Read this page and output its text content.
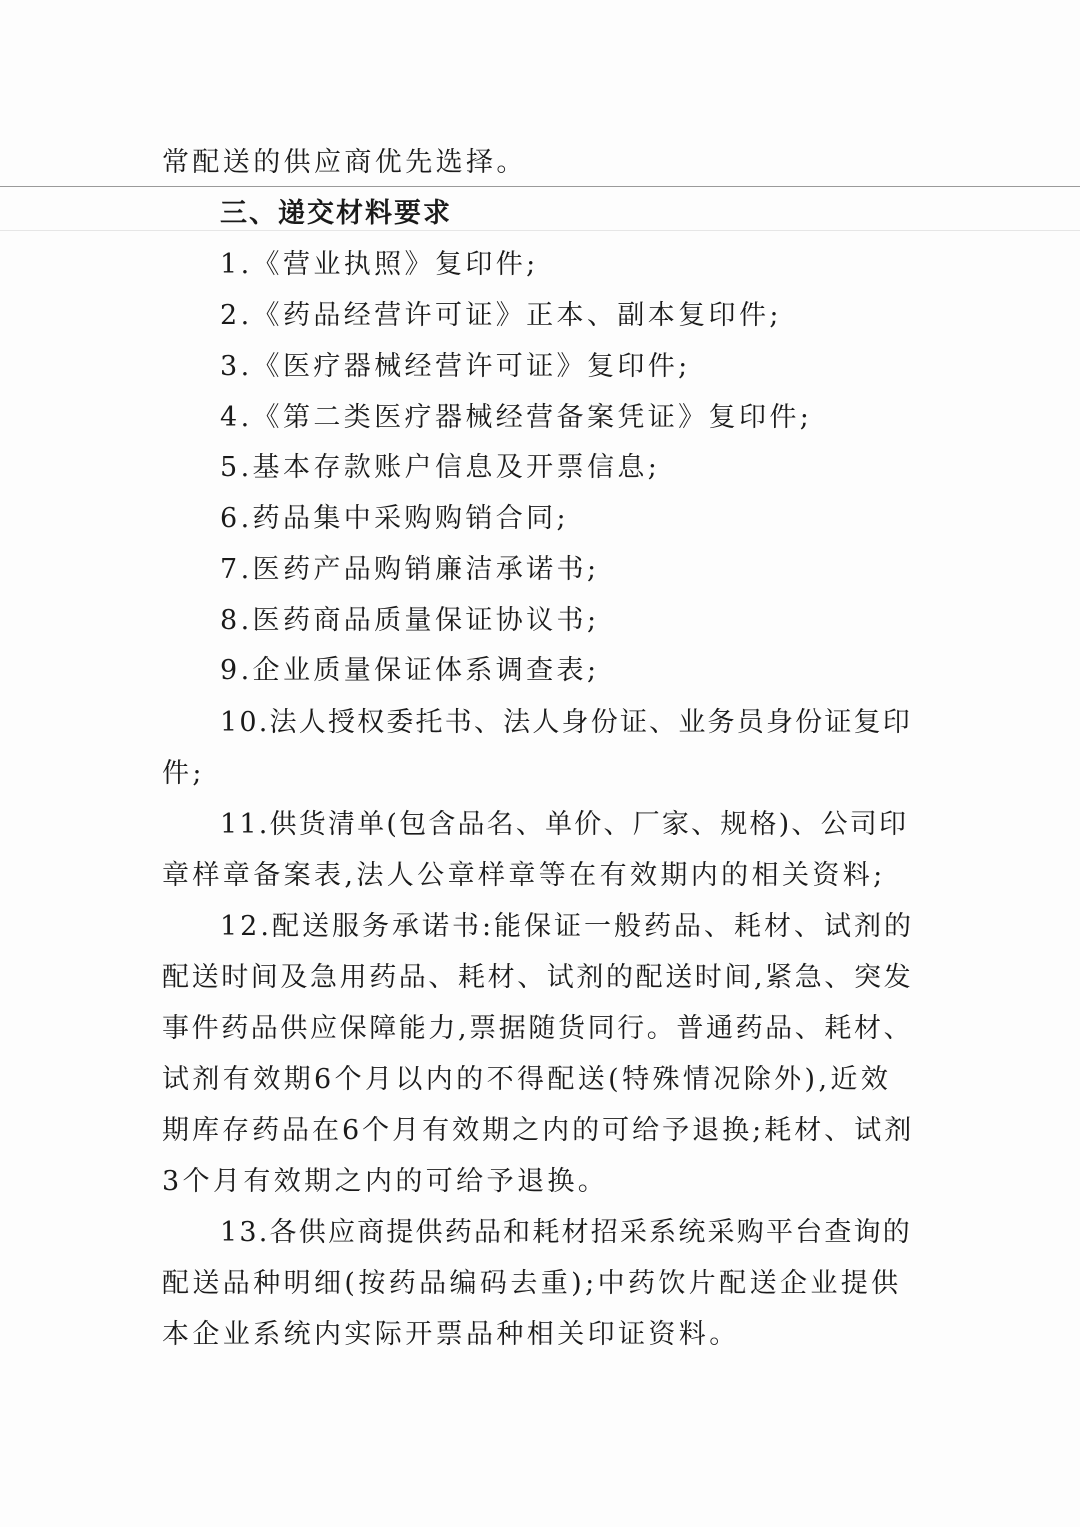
常配送的供应商优先选择。
三、递交材料要求
1.《营业执照》复印件;
2.《药品经营许可证》正本、副本复印件;
3.《医疗器械经营许可证》复印件;
4.《第二类医疗器械经营备案凭证》复印件;
5.基本存款账户信息及开票信息;
6.药品集中采购购销合同;
7.医药产品购销廉洁承诺书;
8.医药商品质量保证协议书;
9.企业质量保证体系调查表;
10.法人授权委托书、法人身份证、业务员身份证复印
件;
11.供货清单(包含品名、单价、厂家、规格)、公司印
章样章备案表,法人公章样章等在有效期内的相关资料;
12.配送服务承诺书:能保证一般药品、耗材、试剂的
配送时间及急用药品、耗材、试剂的配送时间,紧急、突发
事件药品供应保障能力,票据随货同行。普通药品、耗材、
试剂有效期6个月以内的不得配送(特殊情况除外),近效
期库存药品在6个月有效期之内的可给予退换;耗材、试剂
3个月有效期之内的可给予退换。
13.各供应商提供药品和耗材招采系统采购平台查询的
配送品种明细(按药品编码去重);中药饮片配送企业提供
本企业系统内实际开票品种相关印证资料。
